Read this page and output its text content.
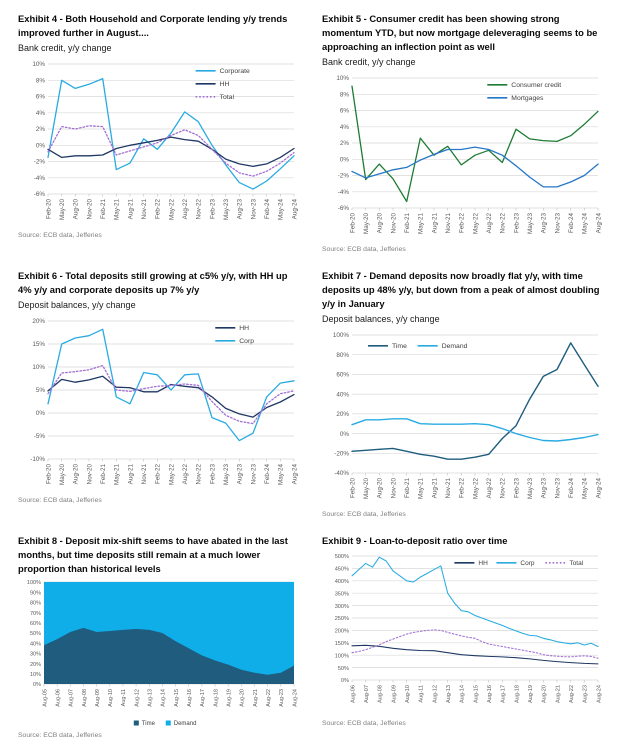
Exhibit 4 - Both Household and Corporate lending y/y trends improved further in August....

Bank credit, y/y change

-6%
-4%
-2%
0%
2%
4%
6%
8%
10%
Feb-20 May-20 Aug-20 Nov-20 Feb-21 May-21 Aug-21 Nov-21 Feb-22 May-22 Aug-22 Nov-22 Feb-23 May-23 Aug-23 Nov-23 Feb-24 May-24 Aug-24
Corporate
HH
Total

Source: ECB data, Jefferies

Exhibit 5 - Consumer credit has been showing strong momentum YTD, but now mortgage deleveraging seems to be approaching an inflection point as well

Bank credit, y/y change

-6%
-4%
-2%
0%
2%
4%
6%
8%
10%
Feb-20 May-20 Aug-20 Nov-20 Feb-21 May-21 Aug-21 Nov-21 Feb-22 May-22 Aug-22 Nov-22 Feb-23 May-23 Aug-23 Nov-23 Feb-24 May-24 Aug-24
Consumer credit
Mortgages

Source: ECB data, Jefferies

Exhibit 6 - Total deposits still growing at c5% y/y, with HH up 4% y/y and corporate deposits up 7% y/y

Deposit balances, y/y change

-10%
-5%
0%
5%
10%
15%
20%
Feb-20 May-20 Aug-20 Nov-20 Feb-21 May-21 Aug-21 Nov-21 Feb-22 May-22 Aug-22 Nov-22 Feb-23 May-23 Aug-23 Nov-23 Feb-24 May-24 Aug-24
HH
Corp

Source: ECB data, Jefferies

Exhibit 7 - Demand deposits now broadly flat y/y, with time deposits up 48% y/y, but down from a peak of almost doubling y/y in January

Deposit balances, y/y change

-40%
-20%
0%
20%
40%
60%
80%
100%
Feb-20 May-20 Aug-20 Nov-20 Feb-21 May-21 Aug-21 Nov-21 Feb-22 May-22 Aug-22 Nov-22 Feb-23 May-23 Aug-23 Nov-23 Feb-24 May-24 Aug-24
Time	Demand

Source: ECB data, Jefferies

Exhibit 8 - Deposit mix-shift seems to have abated in the last months, but time deposits still remain at a much lower proportion than historical levels
0%
10%
20%
30%
40%
50%
60%
70%
80%
90%
100%
Aug-05 Aug-06 Aug-07 Aug-08 Aug-09 Aug-10 Aug-11 Aug-12 Aug-13 Aug-14 Aug-15 Aug-16 Aug-17 Aug-18 Aug-19 Aug-20 Aug-21 Aug-22 Aug-23 Aug-24
Time	Demand

Source: ECB data, Jefferies

Exhibit 9 - Loan-to-deposit ratio over time
0%
50%
100%
150%
200%
250%
300%
350%
400%
450%
500%
Aug-06 Aug-07 Aug-08 Aug-09 Aug-10 Aug-11 Aug-12 Aug-13 Aug-14 Aug-15 Aug-16 Aug-17 Aug-18 Aug-19 Aug-20 Aug-21 Aug-22 Aug-23 Aug-24
HH	Corp	Total

Source: ECB data, Jefferies
